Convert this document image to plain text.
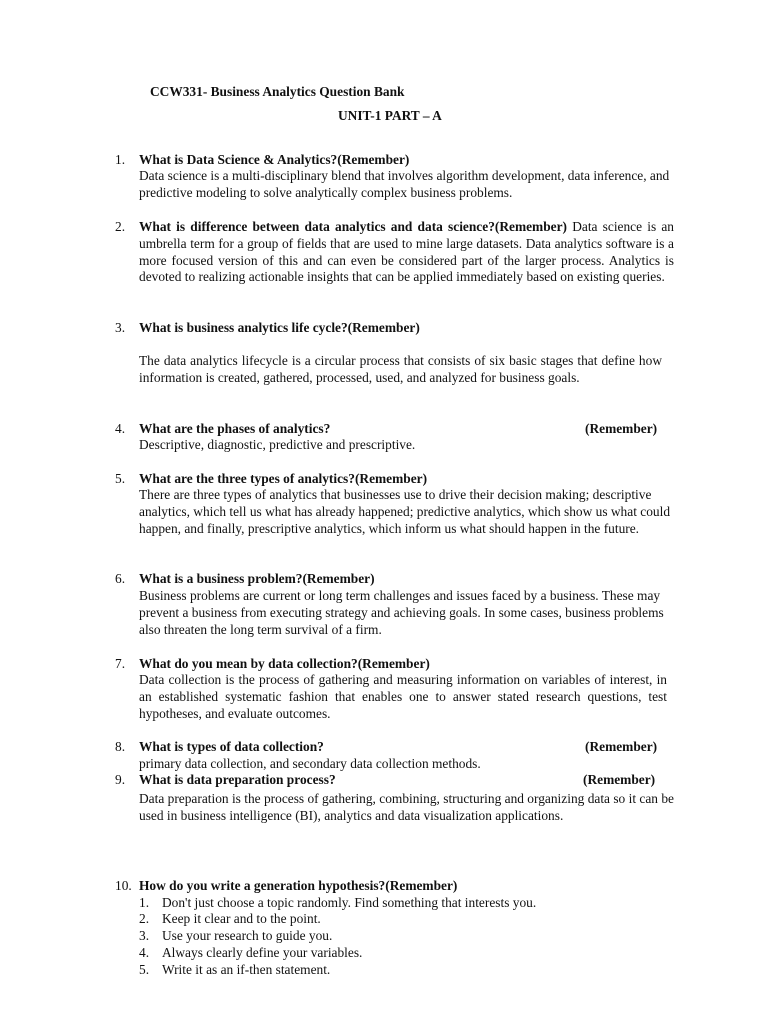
CCW331- Business Analytics Question Bank
UNIT-1 PART – A
1. What is Data Science & Analytics?(Remember)
Data science is a multi-disciplinary blend that involves algorithm development, data inference, and predictive modeling to solve analytically complex business problems.
2. What is difference between data analytics and data science?(Remember) Data science is an umbrella term for a group of fields that are used to mine large datasets. Data analytics software is a more focused version of this and can even be considered part of the larger process. Analytics is devoted to realizing actionable insights that can be applied immediately based on existing queries.
3. What is business analytics life cycle?(Remember)
The data analytics lifecycle is a circular process that consists of six basic stages that define how information is created, gathered, processed, used, and analyzed for business goals.
4. What are the phases of analytics?	(Remember)
Descriptive, diagnostic, predictive and prescriptive.
5. What are the three types of analytics?(Remember)
There are three types of analytics that businesses use to drive their decision making; descriptive analytics, which tell us what has already happened; predictive analytics, which show us what could happen, and finally, prescriptive analytics, which inform us what should happen in the future.
6. What is a business problem?(Remember)
Business problems are current or long term challenges and issues faced by a business. These may prevent a business from executing strategy and achieving goals. In some cases, business problems also threaten the long term survival of a firm.
7. What do you mean by data collection?(Remember)
Data collection is the process of gathering and measuring information on variables of interest, in an established systematic fashion that enables one to answer stated research questions, test hypotheses, and evaluate outcomes.
8. What is types of data collection?	(Remember)
primary data collection, and secondary data collection methods.
9. What is data preparation process?	(Remember)
Data preparation is the process of gathering, combining, structuring and organizing data so it can be used in business intelligence (BI), analytics and data visualization applications.
10. How do you write a generation hypothesis?(Remember)
1. Don't just choose a topic randomly. Find something that interests you.
2. Keep it clear and to the point.
3. Use your research to guide you.
4. Always clearly define your variables.
5. Write it as an if-then statement.
